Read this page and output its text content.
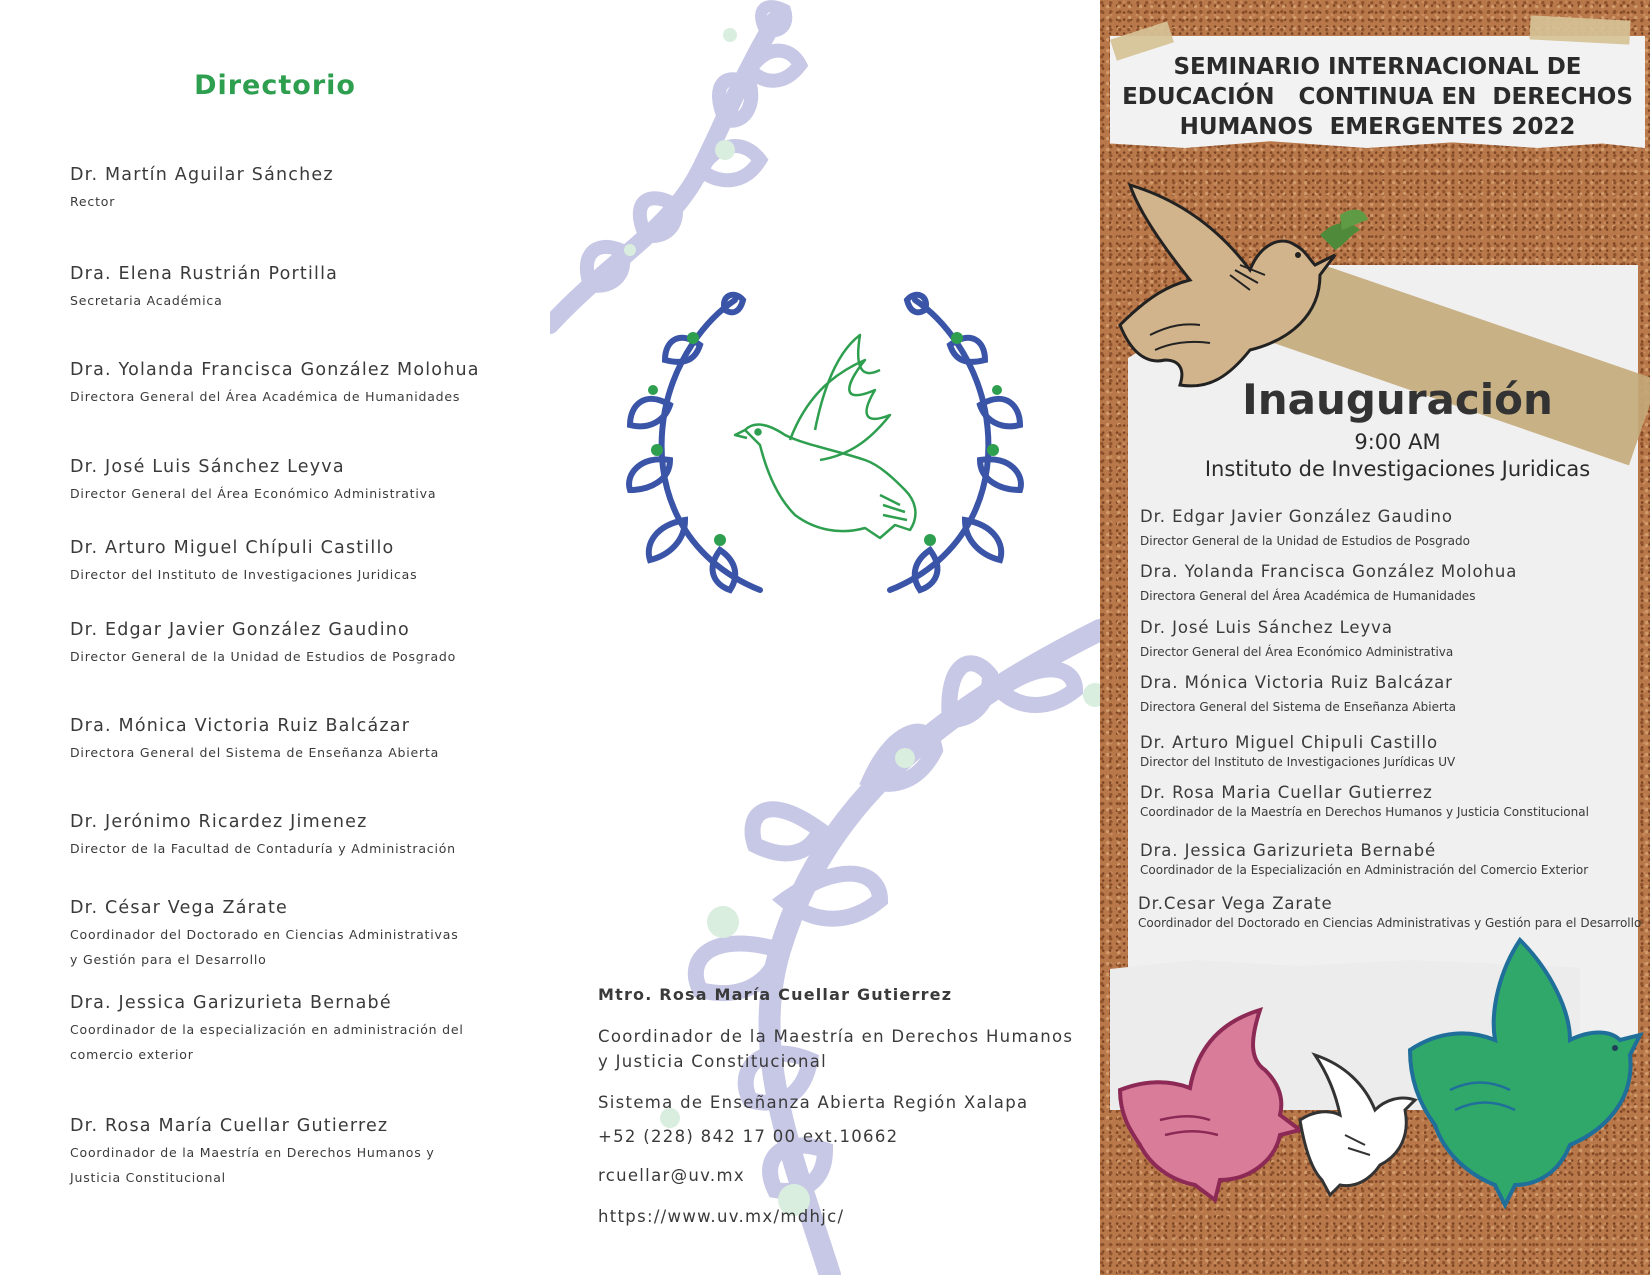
Directorio
Dr. Martín Aguilar Sánchez
Rector
Dra. Elena Rustrián Portilla
Secretaria Académica
Dra. Yolanda Francisca González Molohua
Directora General del Área Académica de Humanidades
Dr. José Luis Sánchez Leyva
Director General del Área Económico Administrativa
Dr. Arturo Miguel Chípuli Castillo
Director del Instituto de Investigaciones Juridicas
Dr. Edgar Javier González Gaudino
Director General de la Unidad de Estudios de Posgrado
Dra. Mónica Victoria Ruiz Balcázar
Directora General del Sistema de Enseñanza Abierta
Dr. Jerónimo Ricardez Jimenez
Director de la Facultad de Contaduría y Administración
Dr. César Vega Zárate
Coordinador del Doctorado en Ciencias Administrativas y Gestión para el Desarrollo
Dra. Jessica Garizurieta Bernabé
Coordinador de la especialización en administración del comercio exterior
Dr. Rosa María Cuellar Gutierrez
Coordinador de la Maestría en Derechos Humanos y Justicia Constitucional
Mtro. Rosa María Cuellar Gutierrez
Coordinador de la Maestría en Derechos Humanos y Justicia Constitucional
Sistema de Enseñanza Abierta Región Xalapa
+52 (228) 842 17 00 ext.10662
rcuellar@uv.mx
https://www.uv.mx/mdhjc/
SEMINARIO INTERNACIONAL DE
EDUCACIÓN   CONTINUA EN  DERECHOS
HUMANOS  EMERGENTES 2022
Inauguración
9:00 AM
Instituto de Investigaciones Juridicas
Dr. Edgar Javier González Gaudino
Director General de la Unidad de Estudios de Posgrado
Dra. Yolanda Francisca González Molohua
Directora General del Área Académica de Humanidades
Dr. José Luis Sánchez Leyva
Director General del Área Económico Administrativa
Dra. Mónica Victoria Ruiz Balcázar
Directora General del Sistema de Enseñanza Abierta
Dr. Arturo Miguel Chipuli Castillo
Director del Instituto de Investigaciones Jurídicas UV
Dr. Rosa Maria Cuellar Gutierrez
Coordinador de la Maestría en Derechos Humanos y Justicia Constitucional
Dra. Jessica Garizurieta Bernabé
Coordinador de la Especialización en Administración del Comercio Exterior
Dr.Cesar Vega Zarate
Coordinador del Doctorado en Ciencias Administrativas y Gestión para el Desarrollo
